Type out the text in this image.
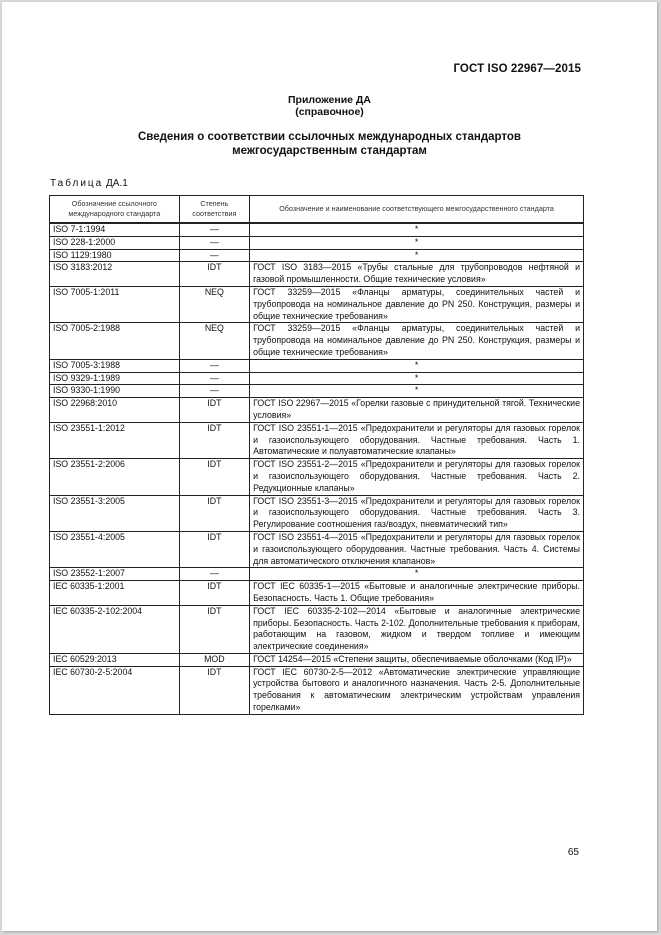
ГОСТ ISO 22967—2015
Приложение ДА
(справочное)
Сведения о соответствии ссылочных международных стандартов
межгосударственным стандартам
Таблица ДА.1
Обозначение ссылочного международного стандарта	Степень соответствия	Обозначение и наименование соответствующего межгосударственного стандарта
ISO 7-1:1994	—	*
ISO 228-1:2000	—	*
ISO 1129:1980	—	*
ISO 3183:2012	IDT	ГОСТ ISO 3183—2015 «Трубы стальные для трубопроводов нефтяной и газовой промышленности. Общие технические условия»
ISO 7005-1:2011	NEQ	ГОСТ 33259—2015 «Фланцы арматуры, соединительных частей и трубопровода на номинальное давление до PN 250. Конструкция, размеры и общие технические требования»
ISO 7005-2:1988	NEQ	ГОСТ 33259—2015 «Фланцы арматуры, соединительных частей и трубопровода на номинальное давление до PN 250. Конструкция, размеры и общие технические требования»
ISO 7005-3:1988	—	*
ISO 9329-1:1989	—	*
ISO 9330-1:1990	—	*
ISO 22968:2010	IDT	ГОСТ ISO 22967—2015 «Горелки газовые с принудительной тягой. Технические условия»
ISO 23551-1:2012	IDT	ГОСТ ISO 23551-1—2015 «Предохранители и регуляторы для газовых горелок и газоиспользующего оборудования. Частные требования. Часть 1. Автоматические и полуавтоматические клапаны»
ISO 23551-2:2006	IDT	ГОСТ ISO 23551-2—2015 «Предохранители и регуляторы для газовых горелок и газоиспользующего оборудования. Частные требования. Часть 2. Редукционные клапаны»
ISO 23551-3:2005	IDT	ГОСТ ISO 23551-3—2015 «Предохранители и регуляторы для газовых горелок и газоиспользующего оборудования. Частные требования. Часть 3. Регулирование соотношения газ/воздух, пневматический тип»
ISO 23551-4:2005	IDT	ГОСТ ISO 23551-4—2015 «Предохранители и регуляторы для газовых горелок и газоиспользующего оборудования. Частные требования. Часть 4. Системы для автоматического отключения клапанов»
ISO 23552-1:2007	—	*
IEC 60335-1:2001	IDT	ГОСТ IEC 60335-1—2015 «Бытовые и аналогичные электрические приборы. Безопасность. Часть 1. Общие требования»
IEC 60335-2-102:2004	IDT	ГОСТ IEC 60335-2-102—2014 «Бытовые и аналогичные электрические приборы. Безопасность. Часть 2-102. Дополнительные требования к приборам, работающим на газовом, жидком и твердом топливе и имеющим электрические соединения»
IEC 60529:2013	MOD	ГОСТ 14254—2015 «Степени защиты, обеспечиваемые оболочками (Код IP)»
IEC 60730-2-5:2004	IDT	ГОСТ IEC 60730-2-5—2012 «Автоматические электрические управляющие устройства бытового и аналогичного назначения. Часть 2-5. Дополнительные требования к автоматическим электрическим устройствам управления горелками»
65
